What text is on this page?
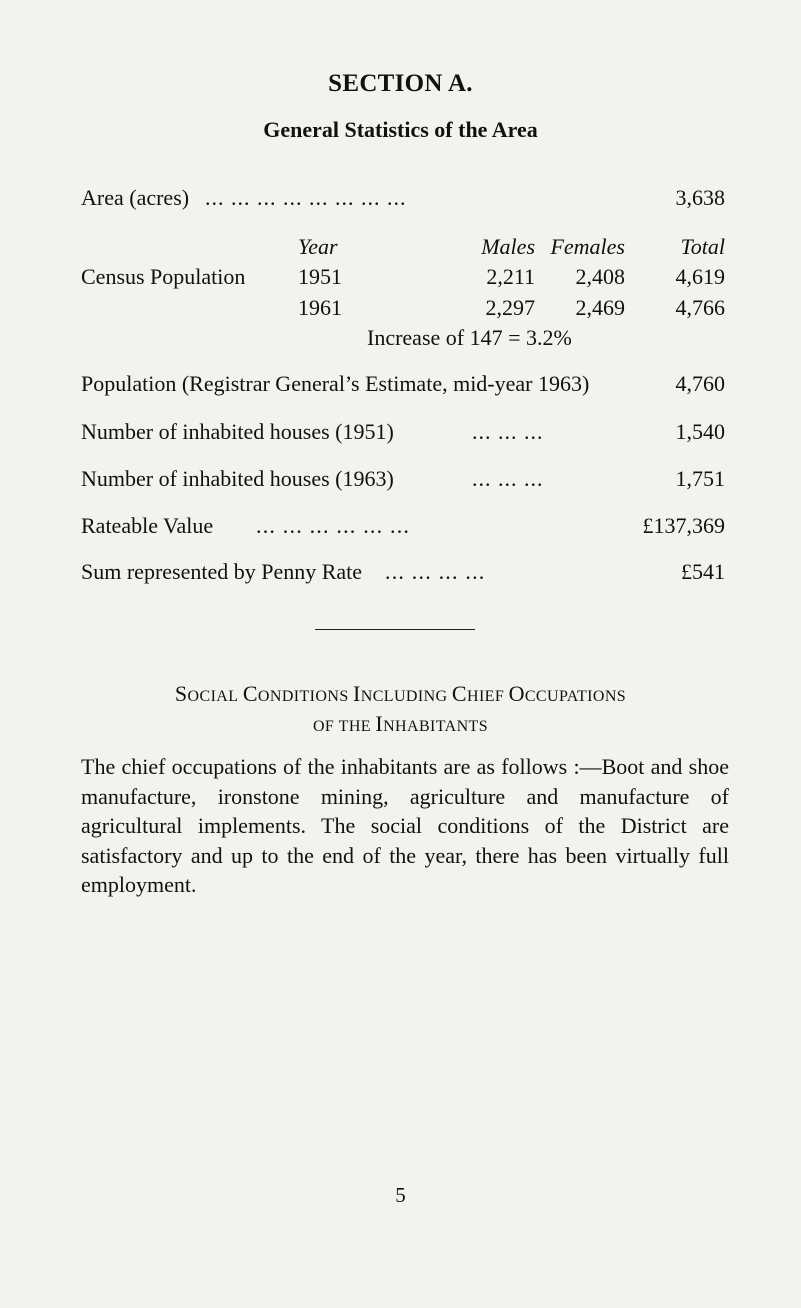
SECTION A.
General Statistics of the Area
Area (acres) ... ... ... ... ... ... ... ...	3,638
Year	Males Females	Total
Census Population 1951	2,211	2,408	4,619
1961	2,297	2,469	4,766
Increase of 147 = 3.2%
Population (Registrar General’s Estimate, mid-year 1963)	4,760
Number of inhabited houses (1951)	... ... ...	1,540
Number of inhabited houses (1963)	... ... ...	1,751
Rateable Value ... ... ... ... ... ...	£137,369
Sum represented by Penny Rate ... ... ... ...	£541
SOCIAL CONDITIONS INCLUDING CHIEF OCCUPATIONS
OF THE INHABITANTS
The chief occupations of the inhabitants are as follows :—Boot and shoe manufacture, ironstone mining, agriculture and manufacture of agricultural implements. The social conditions of the District are satisfactory and up to the end of the year, there has been virtually full employment.
5
